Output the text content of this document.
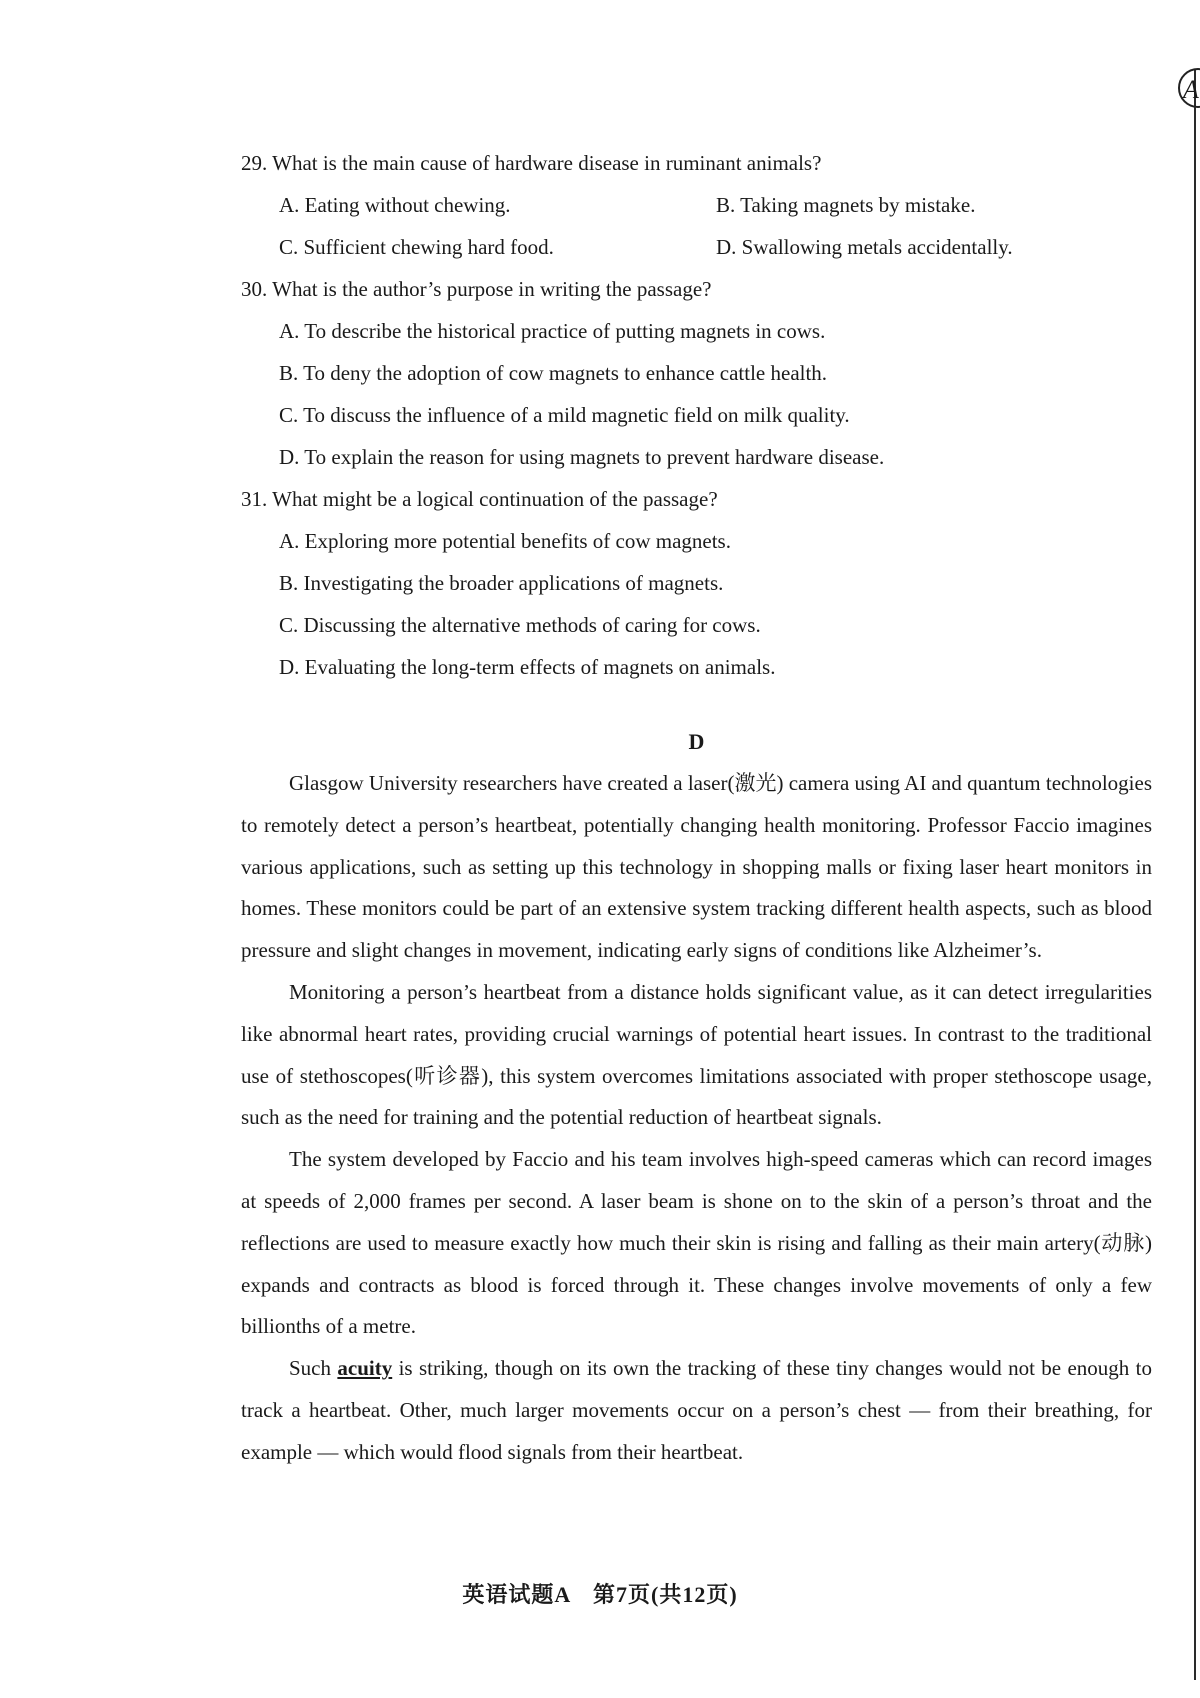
A
29. What is the main cause of hardware disease in ruminant animals?
A. Eating without chewing.	B. Taking magnets by mistake.
C. Sufficient chewing hard food.	D. Swallowing metals accidentally.
30. What is the author’s purpose in writing the passage?
A. To describe the historical practice of putting magnets in cows.
B. To deny the adoption of cow magnets to enhance cattle health.
C. To discuss the influence of a mild magnetic field on milk quality.
D. To explain the reason for using magnets to prevent hardware disease.
31. What might be a logical continuation of the passage?
A. Exploring more potential benefits of cow magnets.
B. Investigating the broader applications of magnets.
C. Discussing the alternative methods of caring for cows.
D. Evaluating the long-term effects of magnets on animals.
D

Glasgow University researchers have created a laser(激光) camera using AI and quantum technologies to remotely detect a person’s heartbeat, potentially changing health monitoring. Professor Faccio imagines various applications, such as setting up this technology in shopping malls or fixing laser heart monitors in homes. These monitors could be part of an extensive system tracking different health aspects, such as blood pressure and slight changes in movement, indicating early signs of conditions like Alzheimer’s.

Monitoring a person’s heartbeat from a distance holds significant value, as it can detect irregularities like abnormal heart rates, providing crucial warnings of potential heart issues. In contrast to the traditional use of stethoscopes(听诊器), this system overcomes limitations associated with proper stethoscope usage, such as the need for training and the potential reduction of heartbeat signals.

The system developed by Faccio and his team involves high-speed cameras which can record images at speeds of 2,000 frames per second. A laser beam is shone on to the skin of a person’s throat and the reflections are used to measure exactly how much their skin is rising and falling as their main artery(动脉) expands and contracts as blood is forced through it. These changes involve movements of only a few billionths of a metre.

Such acuity is striking, though on its own the tracking of these tiny changes would not be enough to track a heartbeat. Other, much larger movements occur on a person’s chest — from their breathing, for example — which would flood signals from their heartbeat.

英语试题A　第7页(共12页)
